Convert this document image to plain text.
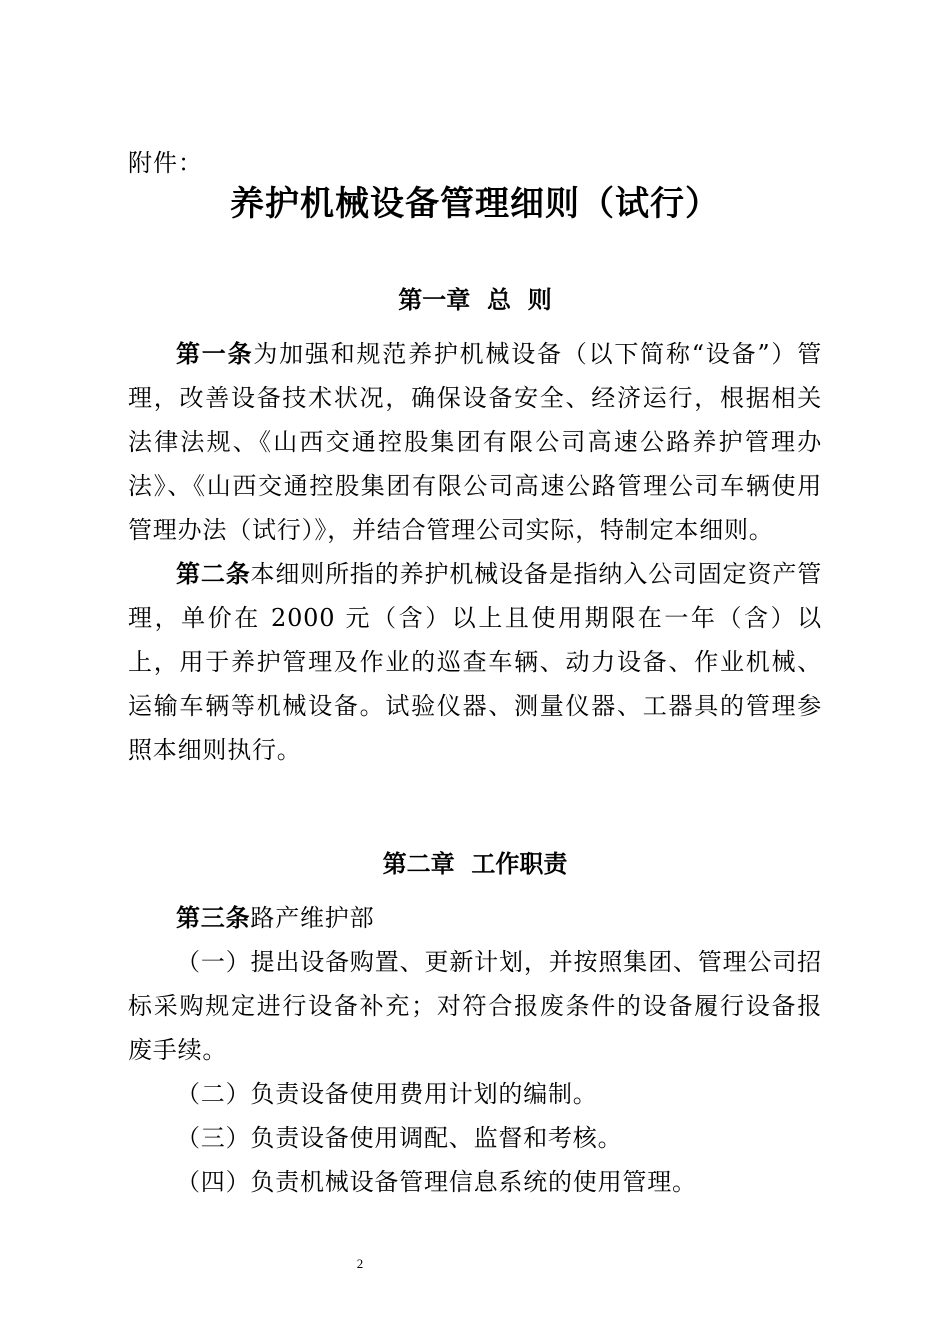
附件：
养护机械设备管理细则（试行）
第一章  总  则

第一条为加强和规范养护机械设备（以下简称“设备”）管理，改善设备技术状况，确保设备安全、经济运行，根据相关法律法规、《山西交通控股集团有限公司高速公路养护管理办法》、《山西交通控股集团有限公司高速公路管理公司车辆使用管理办法（试行）》，并结合管理公司实际，特制定本细则。

第二条本细则所指的养护机械设备是指纳入公司固定资产管理，单价在 2000 元（含）以上且使用期限在一年（含）以上，用于养护管理及作业的巡查车辆、动力设备、作业机械、运输车辆等机械设备。试验仪器、测量仪器、工器具的管理参照本细则执行。

第二章  工作职责

第三条路产维护部

（一）提出设备购置、更新计划，并按照集团、管理公司招标采购规定进行设备补充；对符合报废条件的设备履行设备报废手续。

（二）负责设备使用费用计划的编制。

（三）负责设备使用调配、监督和考核。

（四）负责机械设备管理信息系统的使用管理。

2
